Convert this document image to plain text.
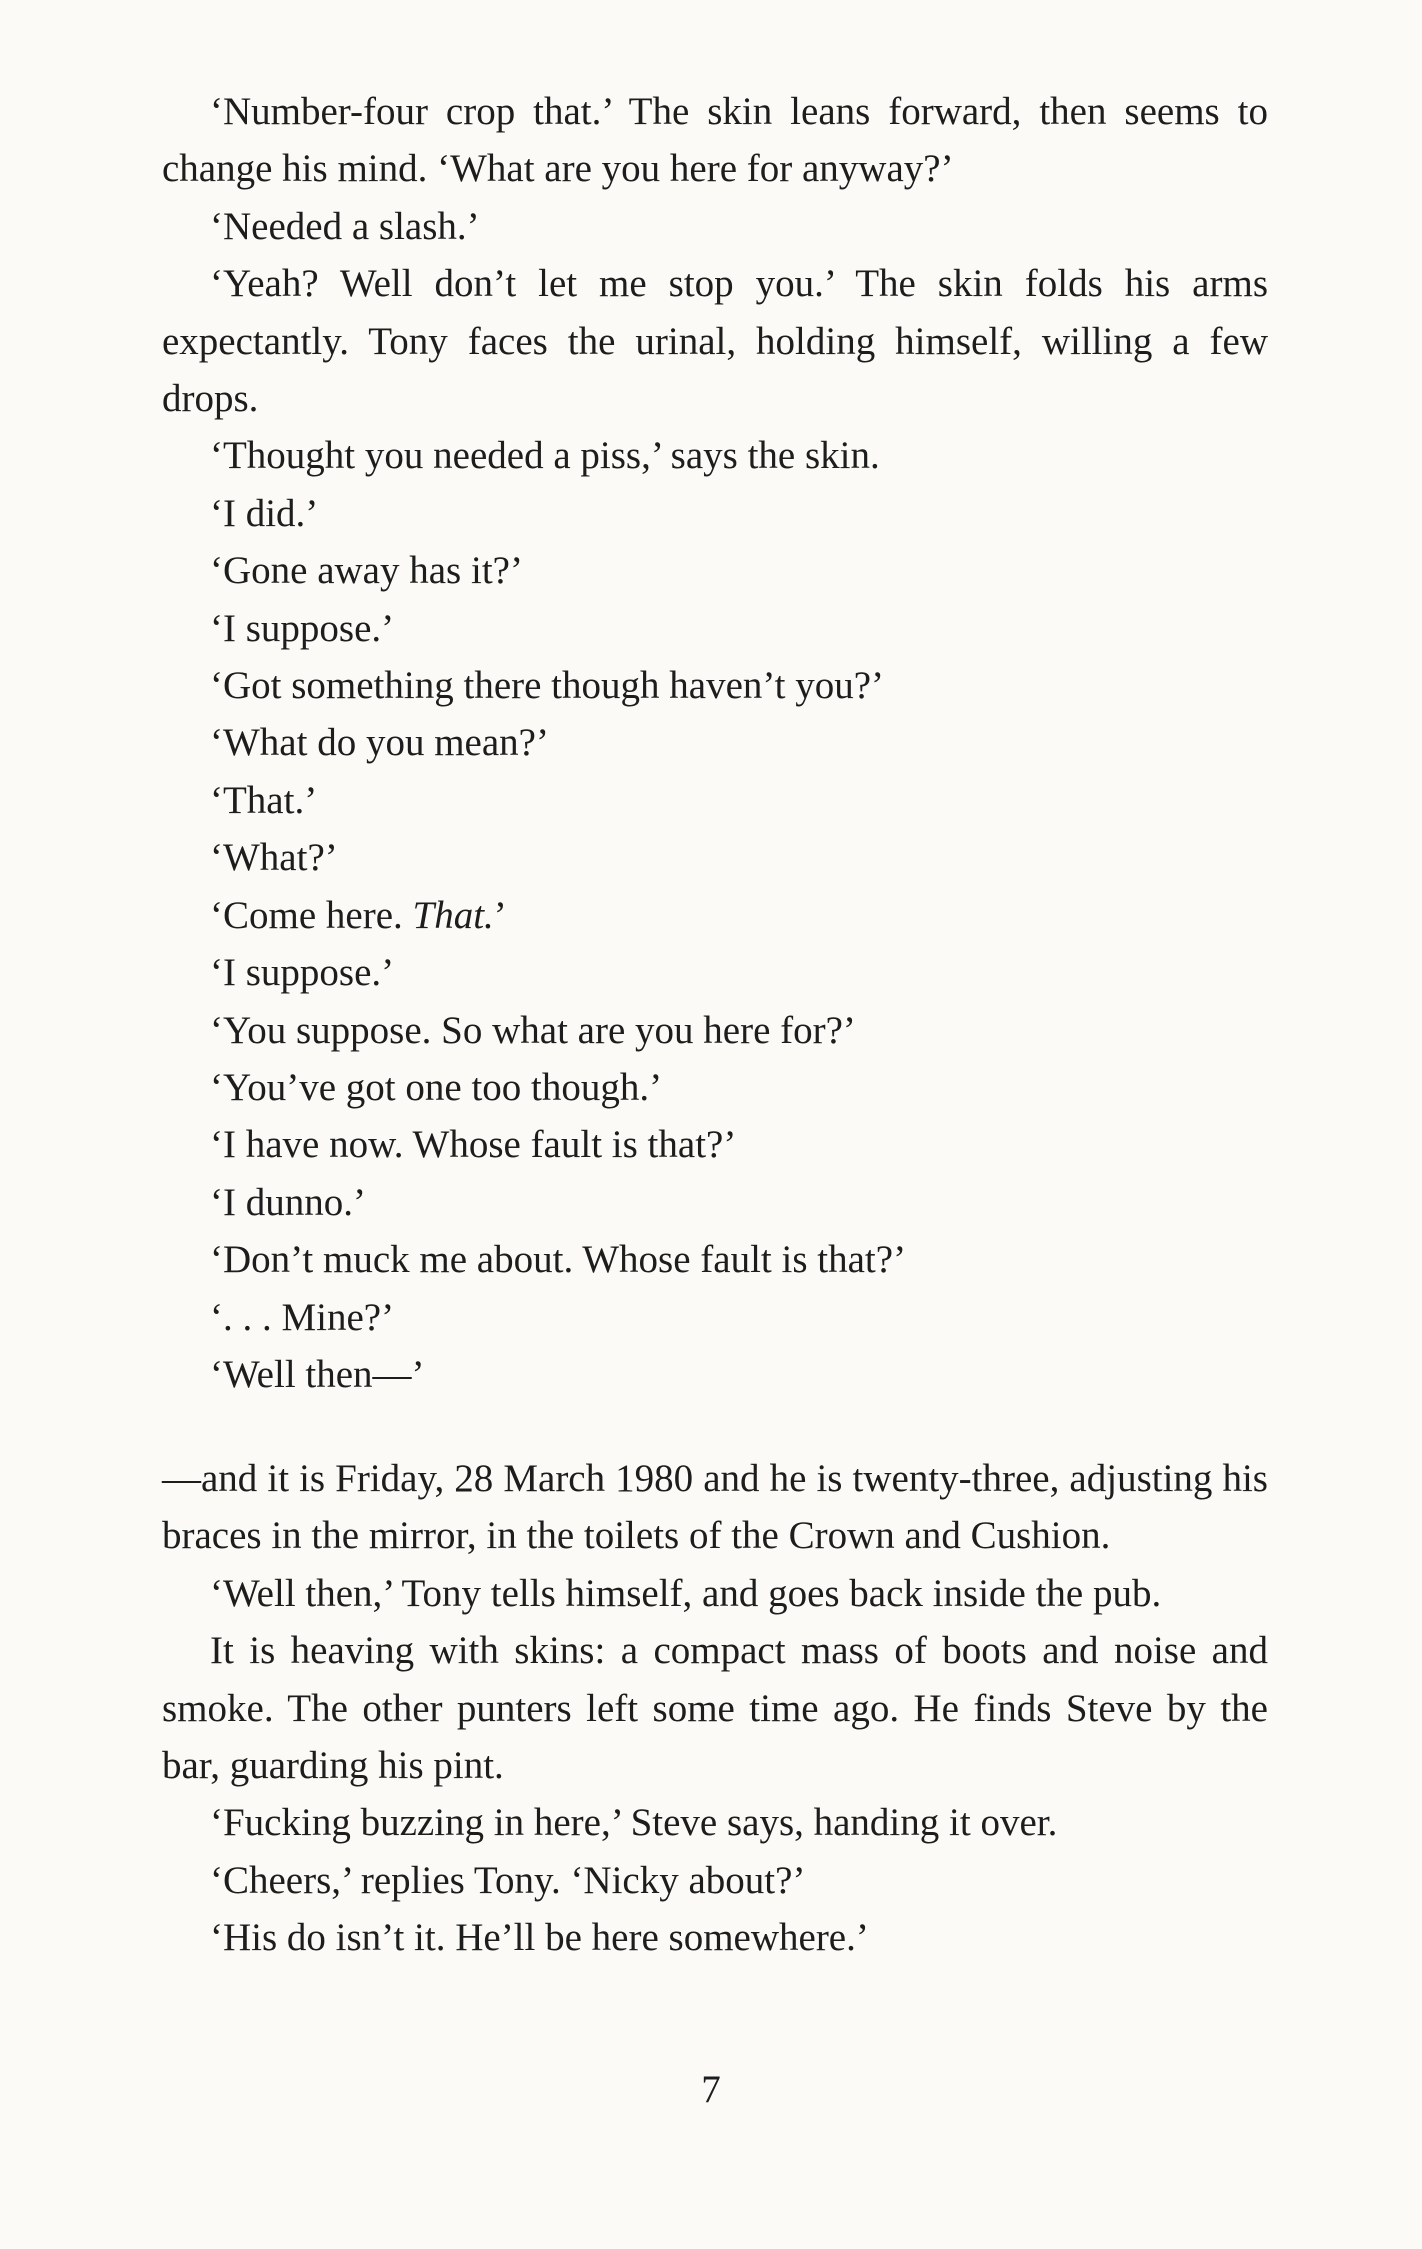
‘Number-four crop that.’ The skin leans forward, then seems to change his mind. ‘What are you here for anyway?’

‘Needed a slash.’

‘Yeah? Well don’t let me stop you.’ The skin folds his arms expectantly. Tony faces the urinal, holding himself, willing a few drops.

‘Thought you needed a piss,’ says the skin.

‘I did.’

‘Gone away has it?’

‘I suppose.’

‘Got something there though haven’t you?’

‘What do you mean?’

‘That.’

‘What?’

‘Come here. That.’

‘I suppose.’

‘You suppose. So what are you here for?’

‘You’ve got one too though.’

‘I have now. Whose fault is that?’

‘I dunno.’

‘Don’t muck me about. Whose fault is that?’

‘. . . Mine?’

‘Well then—’

—and it is Friday, 28 March 1980 and he is twenty-three, adjusting his braces in the mirror, in the toilets of the Crown and Cushion.

‘Well then,’ Tony tells himself, and goes back inside the pub.

It is heaving with skins: a compact mass of boots and noise and smoke. The other punters left some time ago. He finds Steve by the bar, guarding his pint.

‘Fucking buzzing in here,’ Steve says, handing it over.

‘Cheers,’ replies Tony. ‘Nicky about?’

‘His do isn’t it. He’ll be here somewhere.’

7
